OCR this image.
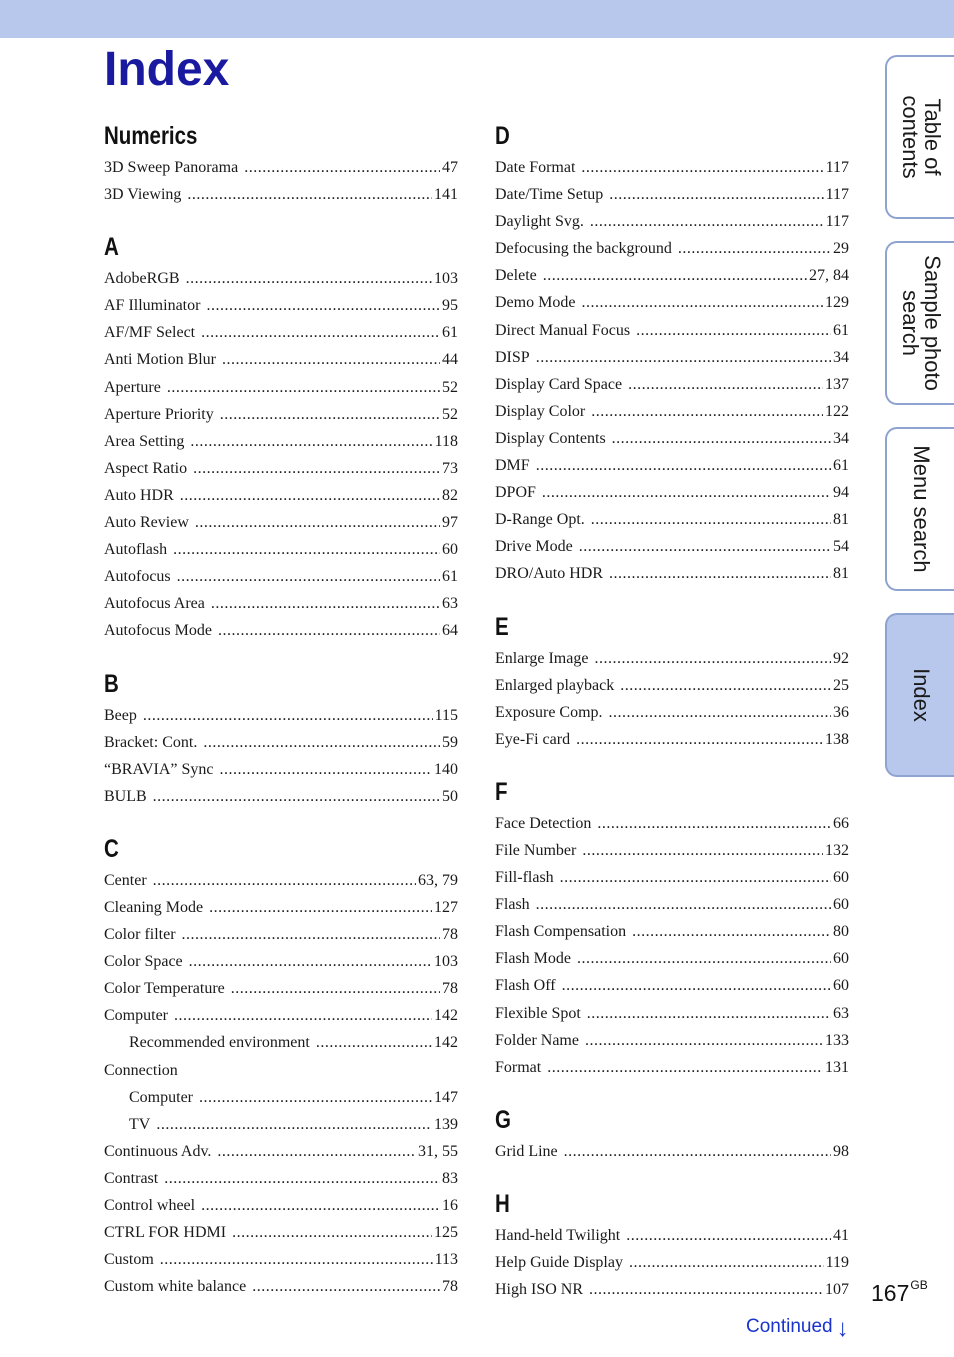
Index
Numerics
3D Sweep Panorama .....	47
3D Viewing .....	141
A
AdobeRGB .....	103
AF Illuminator .....	95
AF/MF Select .....	61
Anti Motion Blur .....	44
Aperture .....	52
Aperture Priority .....	52
Area Setting .....	118
Aspect Ratio .....	73
Auto HDR .....	82
Auto Review .....	97
Autoflash .....	60
Autofocus .....	61
Autofocus Area .....	63
Autofocus Mode .....	64
B
Beep .....	115
Bracket: Cont. .....	59
“BRAVIA” Sync .....	140
BULB .....	50
C
Center .....	63, 79
Cleaning Mode .....	127
Color filter .....	78
Color Space .....	103
Color Temperature .....	78
Computer .....	142
Recommended environment .....	142
Connection
Computer .....	147
TV .....	139
Continuous Adv. .....	31, 55
Contrast .....	83
Control wheel .....	16
CTRL FOR HDMI .....	125
Custom .....	113
Custom white balance .....	78
D
Date Format .....	117
Date/Time Setup .....	117
Daylight Svg. .....	117
Defocusing the background .....	29
Delete .....	27, 84
Demo Mode .....	129
Direct Manual Focus .....	61
DISP .....	34
Display Card Space .....	137
Display Color .....	122
Display Contents .....	34
DMF .....	61
DPOF .....	94
D-Range Opt. .....	81
Drive Mode .....	54
DRO/Auto HDR .....	81
E
Enlarge Image .....	92
Enlarged playback .....	25
Exposure Comp. .....	36
Eye-Fi card .....	138
F
Face Detection .....	66
File Number .....	132
Fill-flash .....	60
Flash .....	60
Flash Compensation .....	80
Flash Mode .....	60
Flash Off .....	60
Flexible Spot .....	63
Folder Name .....	133
Format .....	131
G
Grid Line .....	98
H
Hand-held Twilight .....	41
Help Guide Display .....	119
High ISO NR .....	107
Table of
contents
Sample photo
search
Menu search
Index
$167^{GB}$
Continued ↓
